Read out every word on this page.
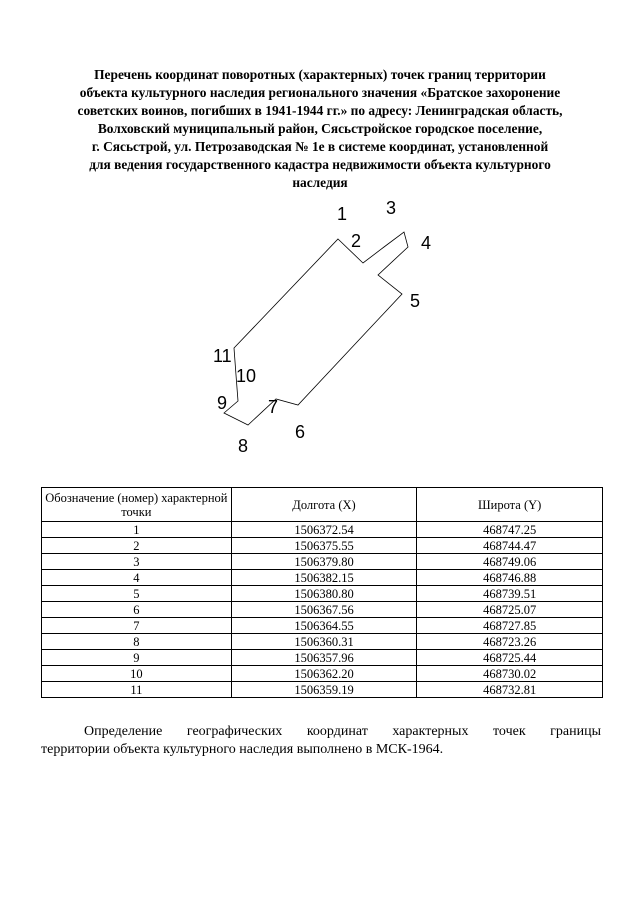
Перечень координат поворотных (характерных) точек границ территории
объекта культурного наследия регионального значения «Братское захоронение
советских воинов, погибших в 1941-1944 гг.» по адресу: Ленинградская область,
Волховский муниципальный район, Сясьстройское городское поселение,
г. Сясьстрой, ул. Петрозаводская № 1е в системе координат, установленной
для ведения государственного кадастра недвижимости объекта культурного
наследия
1
2
3
4
5
6
7
8
9
10
11
Обозначение (номер) характерной точки	Долгота (X)	Широта (Y)
1	1506372.54	468747.25
2	1506375.55	468744.47
3	1506379.80	468749.06
4	1506382.15	468746.88
5	1506380.80	468739.51
6	1506367.56	468725.07
7	1506364.55	468727.85
8	1506360.31	468723.26
9	1506357.96	468725.44
10	1506362.20	468730.02
11	1506359.19	468732.81
Определение географических координат характерных точек границы
территории объекта культурного наследия выполнено в МСК-1964.
